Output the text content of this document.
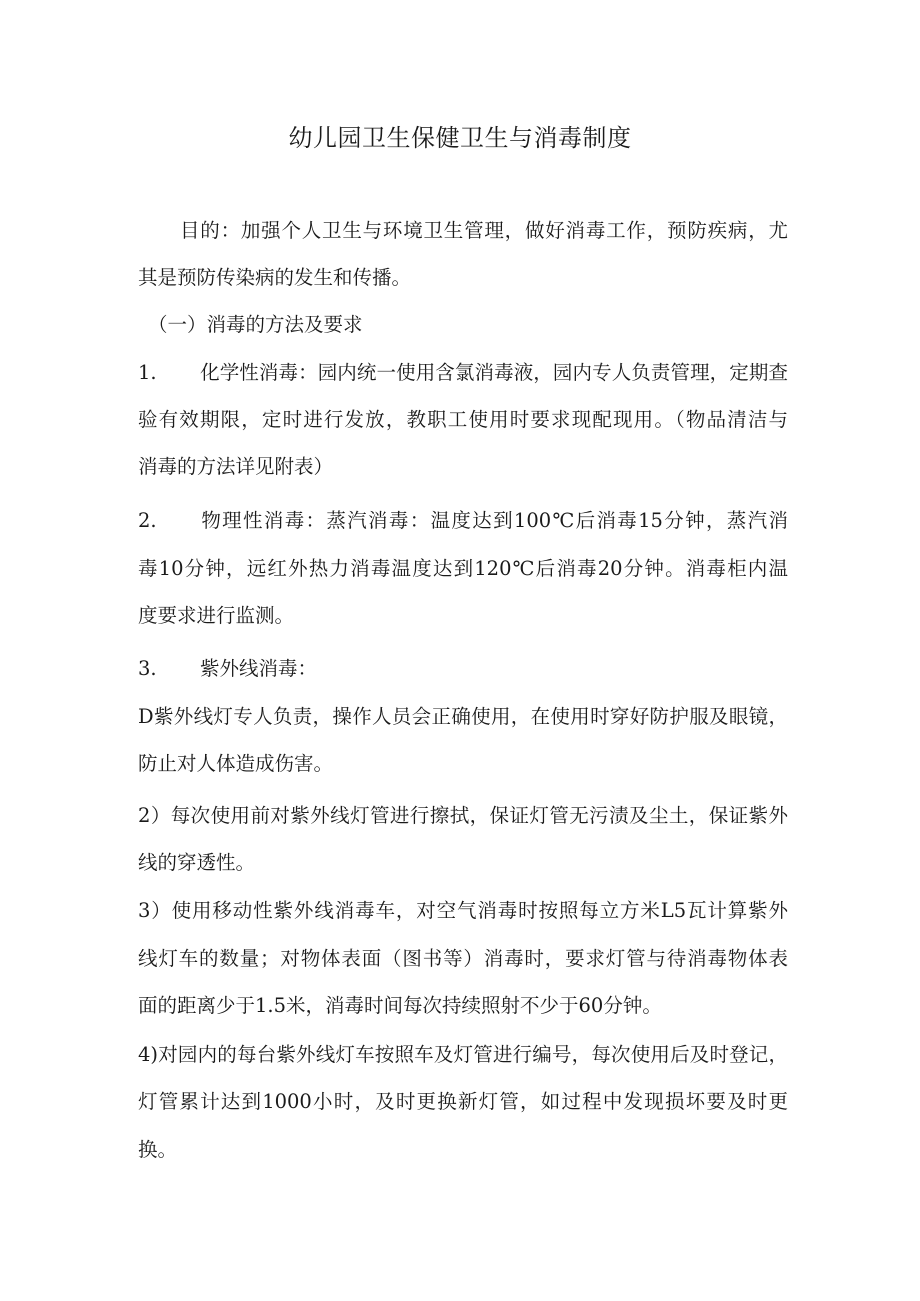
幼儿园卫生保健卫生与消毒制度
目的：加强个人卫生与环境卫生管理，做好消毒工作，预防疾病，尤
其是预防传染病的发生和传播。
（一）消毒的方法及要求
1. 化学性消毒：园内统一使用含氯消毒液，园内专人负责管理，定期查
验有效期限，定时进行发放，教职工使用时要求现配现用。（物品清洁与
消毒的方法详见附表）
2. 物理性消毒：蒸汽消毒：温度达到100℃后消毒15分钟，蒸汽消
毒10分钟，远红外热力消毒温度达到120℃后消毒20分钟。消毒柜内温
度要求进行监测。
3. 紫外线消毒：
D紫外线灯专人负责，操作人员会正确使用，在使用时穿好防护服及眼镜，
防止对人体造成伤害。
2）每次使用前对紫外线灯管进行擦拭，保证灯管无污渍及尘土，保证紫外
线的穿透性。
3）使用移动性紫外线消毒车，对空气消毒时按照每立方米L5瓦计算紫外
线灯车的数量；对物体表面（图书等）消毒时，要求灯管与待消毒物体表
面的距离少于1.5米，消毒时间每次持续照射不少于60分钟。
4)对园内的每台紫外线灯车按照车及灯管进行编号，每次使用后及时登记，
灯管累计达到1000小时，及时更换新灯管，如过程中发现损坏要及时更
换。
